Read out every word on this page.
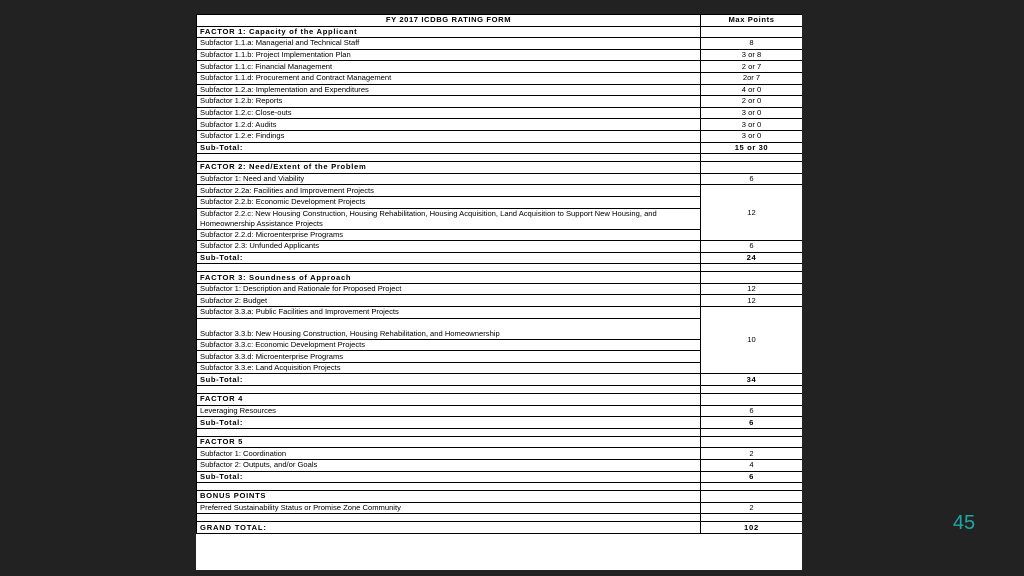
FY 2017 ICDBG RATING FORM	Max Points
FACTOR 1: Capacity of the Applicant	
Subfactor 1.1.a: Managerial and Technical Staff	8
Subfactor 1.1.b: Project Implementation Plan	3 or 8
Subfactor 1.1.c: Financial Management	2 or 7
Subfactor 1.1.d: Procurement and Contract Management	2or 7
Subfactor 1.2.a: Implementation and Expenditures	4 or 0
Subfactor 1.2.b: Reports	2 or 0
Subfactor 1.2.c: Close-outs	3 or 0
Subfactor 1.2.d: Audits	3 or 0
Subfactor 1.2.e: Findings	3 or 0
Sub-Total:	15 or 30

FACTOR 2: Need/Extent of the Problem	
Subfactor 1: Need and Viability	6
Subfactor 2.2a: Facilities and Improvement Projects	12
Subfactor 2.2.b: Economic Development Projects	
Subfactor 2.2.c: New Housing Construction, Housing Rehabilitation, Housing Acquisition, Land Acquisition to Support New Housing, and Homeownership Assistance Projects	
Subfactor 2.2.d: Microenterprise Programs	
Subfactor 2.3: Unfunded Applicants	6
Sub-Total:	24

FACTOR 3: Soundness of Approach	
Subfactor 1: Description and Rationale for Proposed Project	12
Subfactor 2: Budget	12
Subfactor 3.3.a: Public Facilities and Improvement Projects	10
Subfactor 3.3.b: New Housing Construction, Housing Rehabilitation, and Homeownership	
Subfactor 3.3.c: Economic Development Projects	
Subfactor 3.3.d: Microenterprise Programs	
Subfactor 3.3.e: Land Acquisition Projects	
Sub-Total:	34

FACTOR 4	
Leveraging Resources	6
Sub-Total:	6

FACTOR 5	
Subfactor 1: Coordination	2
Subfactor 2: Outputs, and/or Goals	4
Sub-Total:	6

BONUS POINTS	
Preferred Sustainability Status or Promise Zone Community	2

GRAND TOTAL:	102	45
